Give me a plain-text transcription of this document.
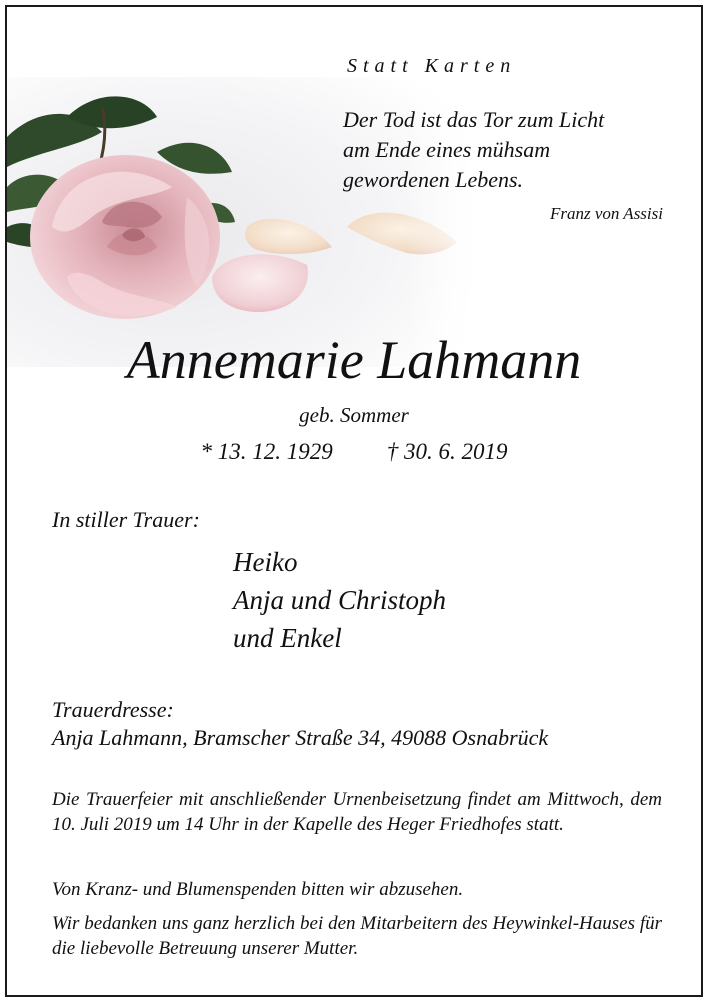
Statt Karten
Der Tod ist das Tor zum Licht
am Ende eines mühsam
gewordenen Lebens.
Franz von Assisi
Annemarie Lahmann
geb. Sommer
* 13. 12. 1929 † 30. 6. 2019
In stiller Trauer:
Heiko
Anja und Christoph
und Enkel
Trauerdresse:
Anja Lahmann, Bramscher Straße 34, 49088 Osnabrück
Die Trauerfeier mit anschließender Urnenbeisetzung findet am Mittwoch, dem 10. Juli 2019 um 14 Uhr in der Kapelle des Heger Friedhofes statt.
Von Kranz- und Blumenspenden bitten wir abzusehen.
Wir bedanken uns ganz herzlich bei den Mitarbeitern des Heywinkel-Hauses für die liebevolle Betreuung unserer Mutter.
